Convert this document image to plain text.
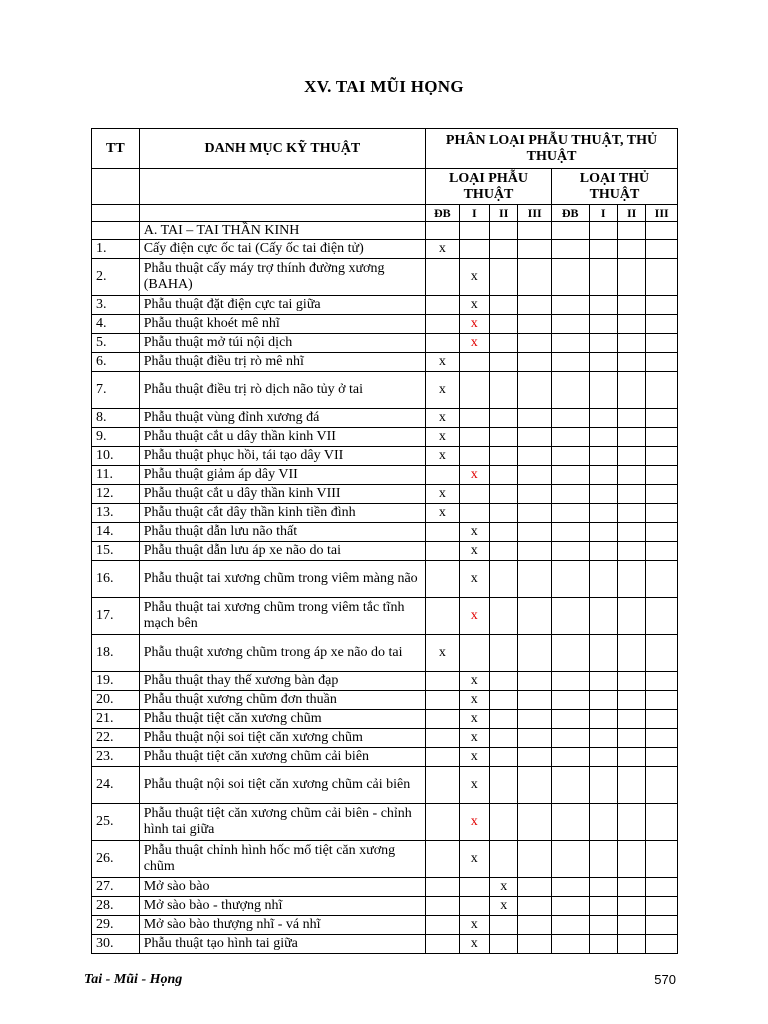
XV. TAI MŨI HỌNG
TT	DANH MỤC KỸ THUẬT	PHÂN LOẠI PHẪU THUẬT, THỦ THUẬT							
		LOẠI PHẪU THUẬT				LOẠI THỦ THUẬT			
		ĐB	I	II	III	ĐB	I	II	III
	A. TAI – TAI THẦN KINH								
1.	Cấy điện cực ốc tai (Cấy ốc tai điện tử)	x							
2.	Phẫu thuật cấy máy trợ thính đường xương (BAHA)		x						
3.	Phẫu thuật đặt điện cực tai giữa		x						
4.	Phẫu thuật khoét mê nhĩ		x						
5.	Phẫu thuật mở túi nội dịch		x						
6.	Phẫu thuật điều trị rò mê nhĩ	x							
7.	Phẫu thuật điều trị rò dịch não tủy ở tai	x							
8.	Phẫu thuật vùng đỉnh xương đá	x							
9.	Phẫu thuật cắt u dây thần kinh VII	x							
10.	Phẫu thuật phục hồi, tái tạo dây VII	x							
11.	Phẫu thuật giảm áp dây VII		x						
12.	Phẫu thuật cắt u dây thần kinh VIII	x							
13.	Phẫu thuật cắt dây thần kinh tiền đình	x							
14.	Phẫu thuật dẫn lưu não thất		x						
15.	Phẫu thuật dẫn lưu áp xe não do tai		x						
16.	Phẫu thuật tai xương chũm trong viêm màng não		x						
17.	Phẫu thuật tai xương chũm trong viêm tắc tĩnh mạch bên		x						
18.	Phẫu thuật xương chũm trong áp xe não do tai	x							
19.	Phẫu thuật thay thế xương bàn đạp		x						
20.	Phẫu thuật xương chũm đơn thuần		x						
21.	Phẫu thuật tiệt căn xương chũm		x						
22.	Phẫu thuật nội soi tiệt căn xương chũm		x						
23.	Phẫu thuật tiệt căn xương chũm cải biên		x						
24.	Phẫu thuật nội soi tiệt căn xương chũm cải biên		x						
25.	Phẫu thuật tiệt căn xương chũm cải biên - chỉnh hình tai giữa		x						
26.	Phẫu thuật chỉnh hình hốc mổ tiệt căn xương chũm		x						
27.	Mở sào bào			x					
28.	Mở sào bào - thượng nhĩ			x					
29.	Mở sào bào thượng nhĩ - vá nhĩ		x						
30.	Phẫu thuật tạo hình tai giữa		x						
Tai - Mũi - Họng	570
